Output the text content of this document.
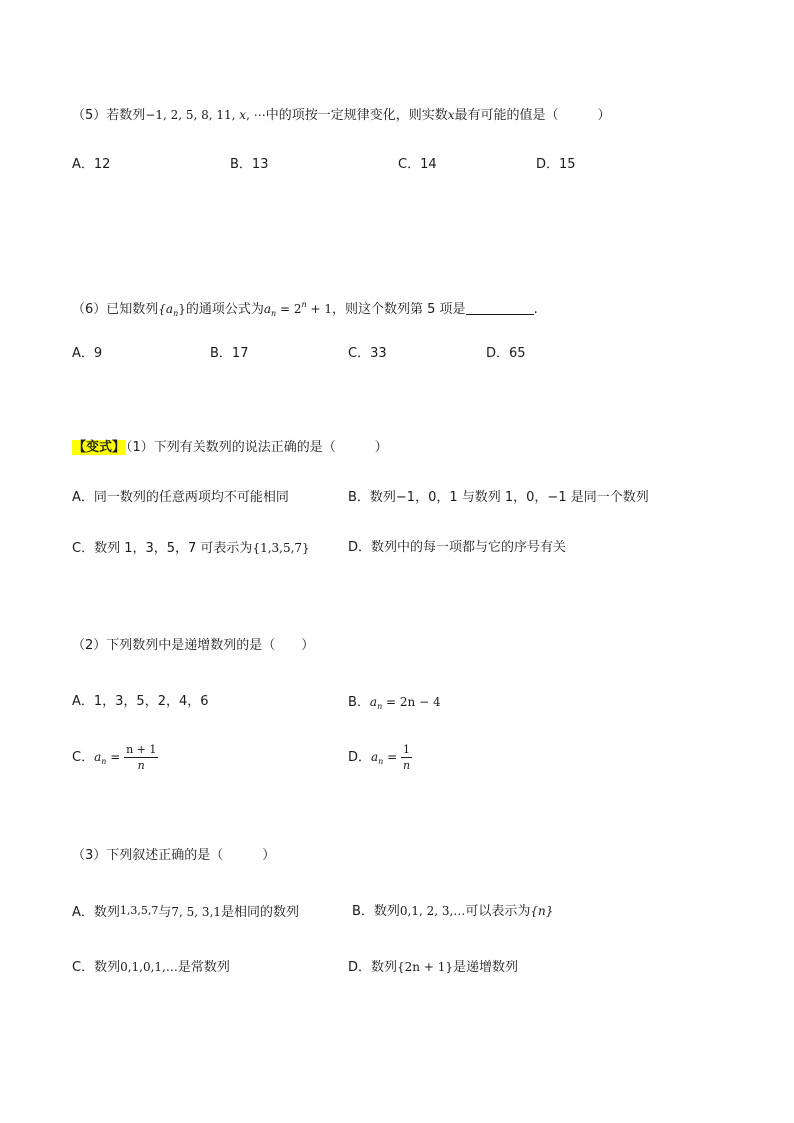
（5）若数列−1, 2, 5, 8, 11, x, ⋯中的项按一定规律变化，则实数x最有可能的值是（　　　）
A．12	B．13	C．14	D．15
（6）已知数列$\{a_n\}$的通项公式为$a_n = 2^n + 1$，则这个数列第 5 项是	.
A．9	B．17	C．33	D．65
【变式】（1）下列有关数列的说法正确的是（　　　）
A．同一数列的任意两项均不可能相同	B．数列−1，0，1 与数列 1，0，−1 是同一个数列
C．数列 1，3，5，7 可表示为{1,3,5,7}	D．数列中的每一项都与它的序号有关
（2）下列数列中是递增数列的是（　　）
A．1，3，5，2，4，6	B．$a_n = 2n - 4$
C．$a_n = \frac{n + 1}{n}$	D．$a_n = \frac{1}{n}$
（3）下列叙述正确的是（　　　）
A．数列1,3,5,7与7, 5, 3,1是相同的数列	B．数列0,1, 2, 3,…可以表示为{n}
C．数列0,1,0,1,…是常数列	D．数列{2n + 1}是递增数列
